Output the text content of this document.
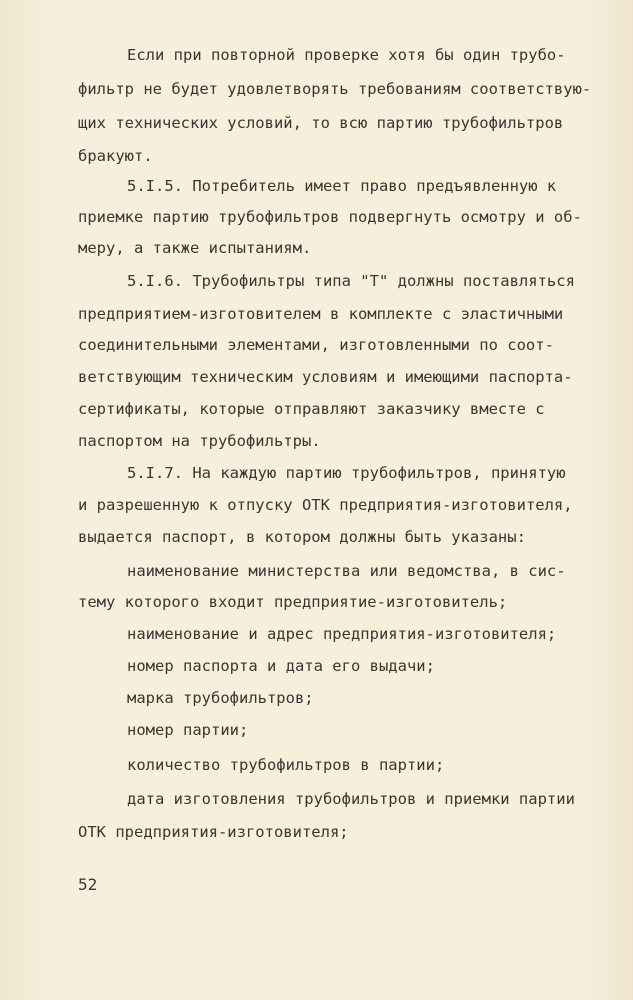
Если при повторной проверке хотя бы один трубо-
фильтр не будет удовлетворять требованиям соответствую-
щих технических условий, то всю партию трубофильтров
бракуют.
5.I.5. Потребитель имеет право предъявленную к
приемке партию трубофильтров подвергнуть осмотру и об-
меру, а также испытаниям.
5.I.6. Трубофильтры типа "Т" должны поставляться
предприятием-изготовителем в комплекте с эластичными
соединительными элементами, изготовленными по соот-
ветствующим техническим условиям и имеющими паспорта-
сертификаты, которые отправляют заказчику вместе с
паспортом на трубофильтры.
5.I.7. На каждую партию трубофильтров, принятую
и разрешенную к отпуску ОТК предприятия-изготовителя,
выдается паспорт, в котором должны быть указаны:
наименование министерства или ведомства, в сис-
тему которого входит предприятие-изготовитель;
наименование и адрес предприятия-изготовителя;
номер паспорта и дата его выдачи;
марка трубофильтров;
номер партии;
количество трубофильтров в партии;
дата изготовления трубофильтров и приемки партии
ОТК предприятия-изготовителя;
52
